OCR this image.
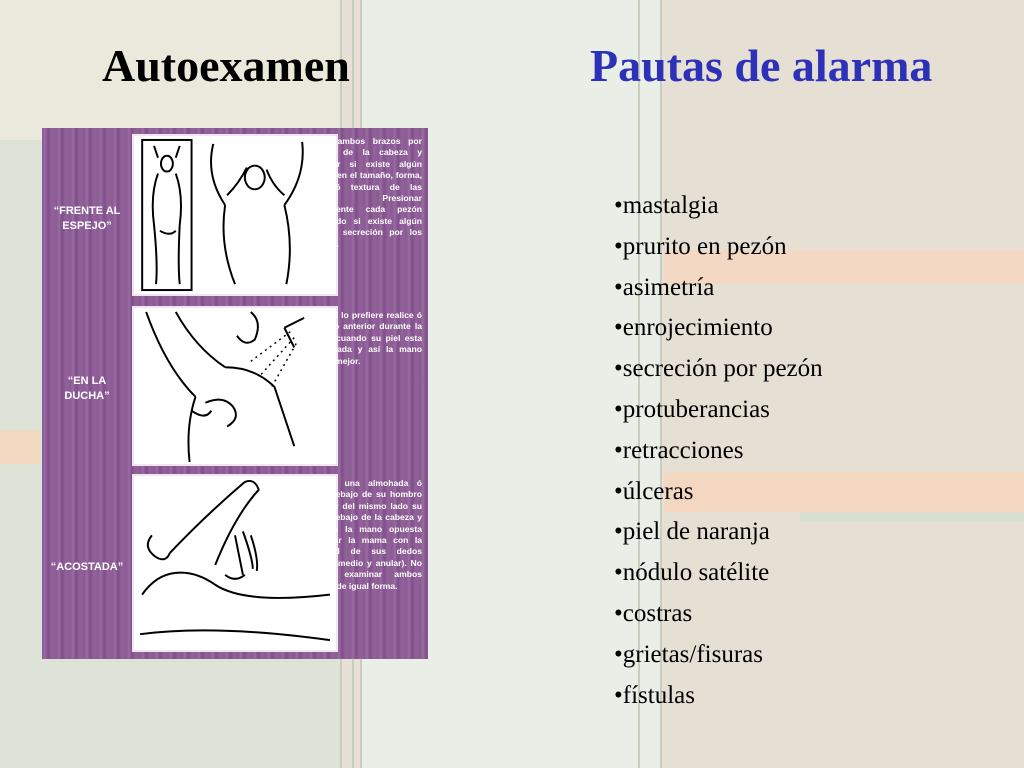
Autoexamen	Pautas de alarma
“FRENTE AL
ESPEJO”
“EN LA
DUCHA”
“ACOSTADA”
Elevar ambos brazos por encima de la cabeza y observar si existe algún cambio en el tamaño, forma, color ó textura de las mamas. Presionar suavemente cada pezón evaluando si existe algún tipo de secreción por los mismos.
Si usted lo prefiere realice ó repita lo anterior durante la ducha, cuando su piel esta enjabonada y así la mano desliza mejor.
Colocar una almohada ó toalla debajo de su hombro y ubicar del mismo lado su mano debajo de la cabeza y así con la mano opuesta examinar la mama con la totalidad de sus dedos (índice, medio y anular). No olvidar examinar ambos pechos de igual forma.
•mastalgia
•prurito en pezón
•asimetría
•enrojecimiento
•secreción por pezón
•protuberancias
•retracciones
•úlceras
•piel de naranja
•nódulo satélite
•costras
•grietas/fisuras
•fístulas
